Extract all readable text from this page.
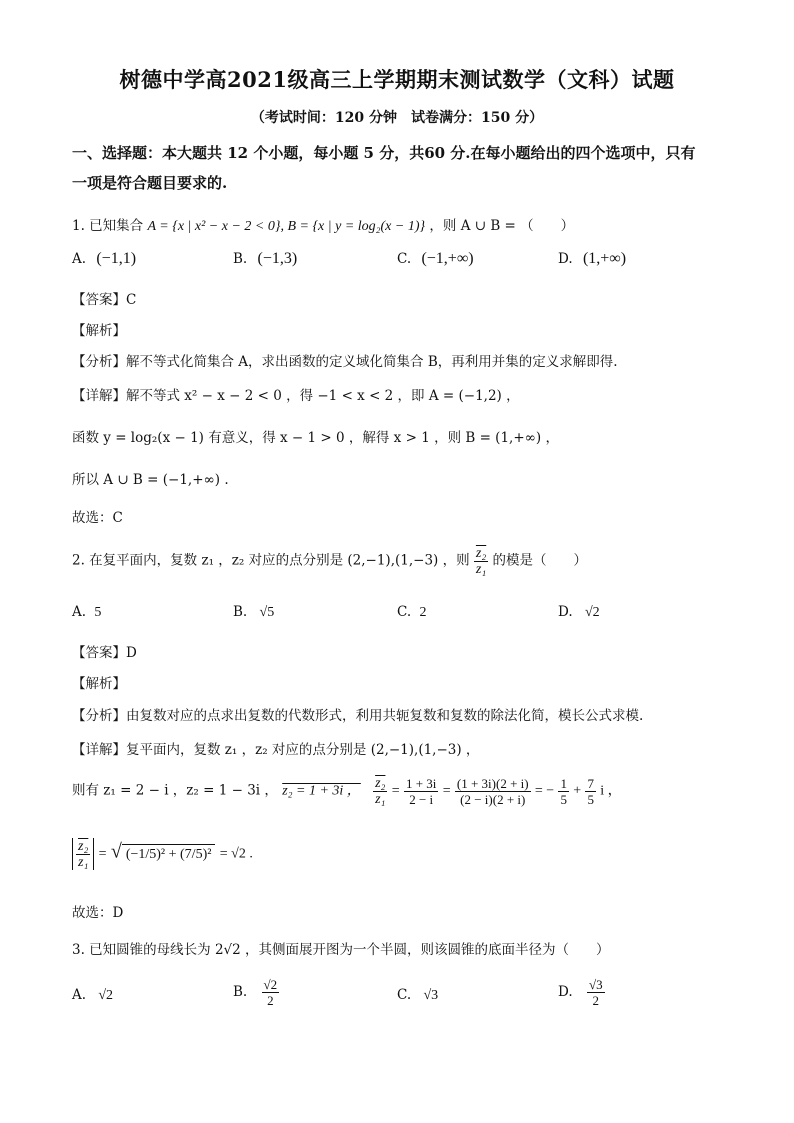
树德中学高2021级高三上学期期末测试数学（文科）试题
（考试时间：120 分钟　试卷满分：150 分）
一、选择题：本大题共 12 个小题，每小题 5 分，共60 分.在每小题给出的四个选项中，只有
一项是符合题目要求的.
1. 已知集合 A = {x | x² − x − 2 < 0}, B = {x | y = log₂(x − 1)} ，则 A ∪ B = （　　）
A. (−1,1)	B. (−1,3)	C. (−1,+∞)	D. (1,+∞)
【答案】C
【解析】
【分析】解不等式化简集合 A，求出函数的定义域化简集合 B，再利用并集的定义求解即得.
【详解】解不等式 x² − x − 2 < 0 ，得 −1 < x < 2 ，即 A = (−1,2) ，
函数 y = log₂(x − 1) 有意义，得 x − 1 > 0 ，解得 x > 1 ，则 B = (1,+∞) ，
所以 A ∪ B = (−1,+∞) .
故选：C
2. 在复平面内，复数 z₁ ，z₂ 对应的点分别是 (2,−1),(1,−3) ，则 $\frac{\text{z₂}}{\text{z₁}}$ 的模是（　　）
A. 5	B. √5	C. 2	D. √2
【答案】D
【解析】
【分析】由复数对应的点求出复数的代数形式，利用共轭复数和复数的除法化简，模长公式求模.
【详解】复平面内，复数 z₁ ，z₂ 对应的点分别是 (2,−1),(1,−3) ，
则有 z₁ = 2 − i ，z₂ = 1 − 3i ， z₂ = 1 + 3i ， $\frac{\text{z₂}}{\text{z₁}} = \frac{1 + 3i}{2 - i} = \frac{(1 + 3i)(2 + i)}{(2 - i)(2 + i)}$ = − $\frac{1}{5} + \frac{7}{5}$ i ，
$\frac{\text{z₂}}{\text{z₁}}$ = √ (−1/5)² + (7/5)² = √2 .
故选：D
3. 已知圆锥的母线长为 2√2 ，其侧面展开图为一个半圆，则该圆锥的底面半径为（　　）
A. √2	B. $\frac{√2}{2}$	C. √3	D. $\frac{√3}{2}$
